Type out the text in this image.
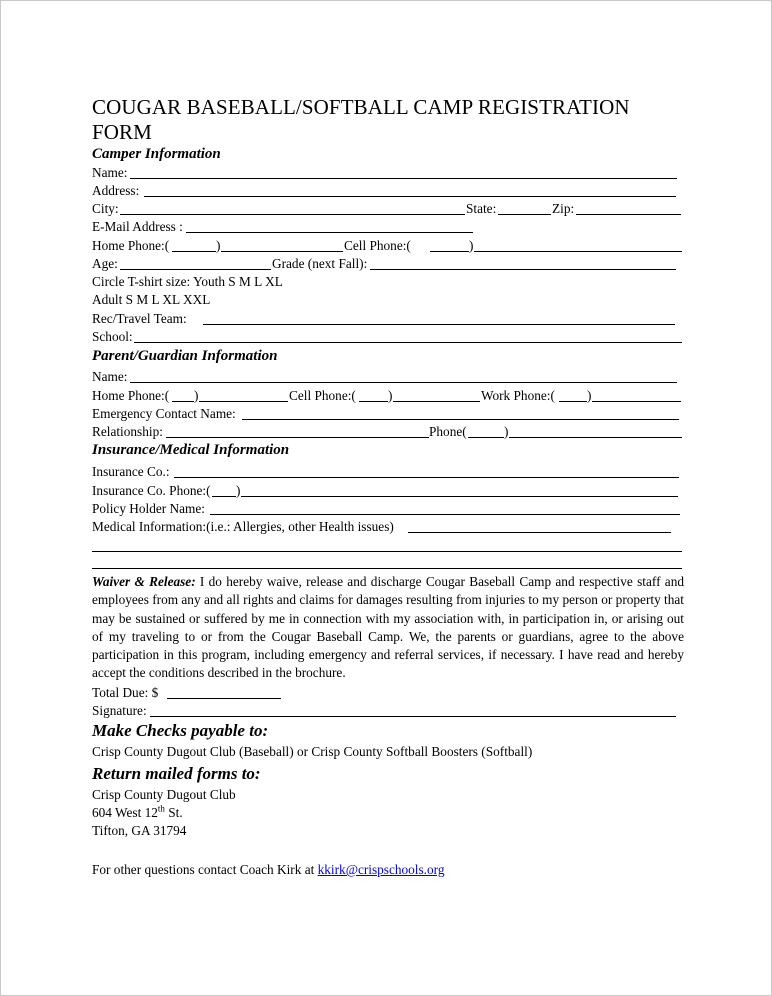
COUGAR BASEBALL/SOFTBALL CAMP REGISTRATION FORM
Camper Information
Name:
Address:
City:	State:	Zip:
E-Mail Address :
Home Phone:(	)	Cell Phone:(	)
Age:	Grade (next Fall):
Circle T-shirt size: Youth S M L XL
Adult S M L XL XXL
Rec/Travel Team:
School:
Parent/Guardian Information
Name:
Home Phone:( )	Cell Phone:( )	Work Phone:( )
Emergency Contact Name:
Relationship:	Phone(	)
Insurance/Medical Information
Insurance Co.:
Insurance Co. Phone:( )
Policy Holder Name:
Medical Information:(i.e.: Allergies, other Health issues)
Waiver & Release: I do hereby waive, release and discharge Cougar Baseball Camp and respective staff and employees from any and all rights and claims for damages resulting from injuries to my person or property that may be sustained or suffered by me in connection with my association with, in participation in, or arising out of my traveling to or from the Cougar Baseball Camp. We, the parents or guardians, agree to the above participation in this program, including emergency and referral services, if necessary. I have read and hereby accept the conditions described in the brochure.
Total Due: $
Signature:
Make Checks payable to:
Crisp County Dugout Club (Baseball) or Crisp County Softball Boosters (Softball)
Return mailed forms to:
Crisp County Dugout Club
604 West 12th St.
Tifton, GA 31794
For other questions contact Coach Kirk at kkirk@crispschools.org
